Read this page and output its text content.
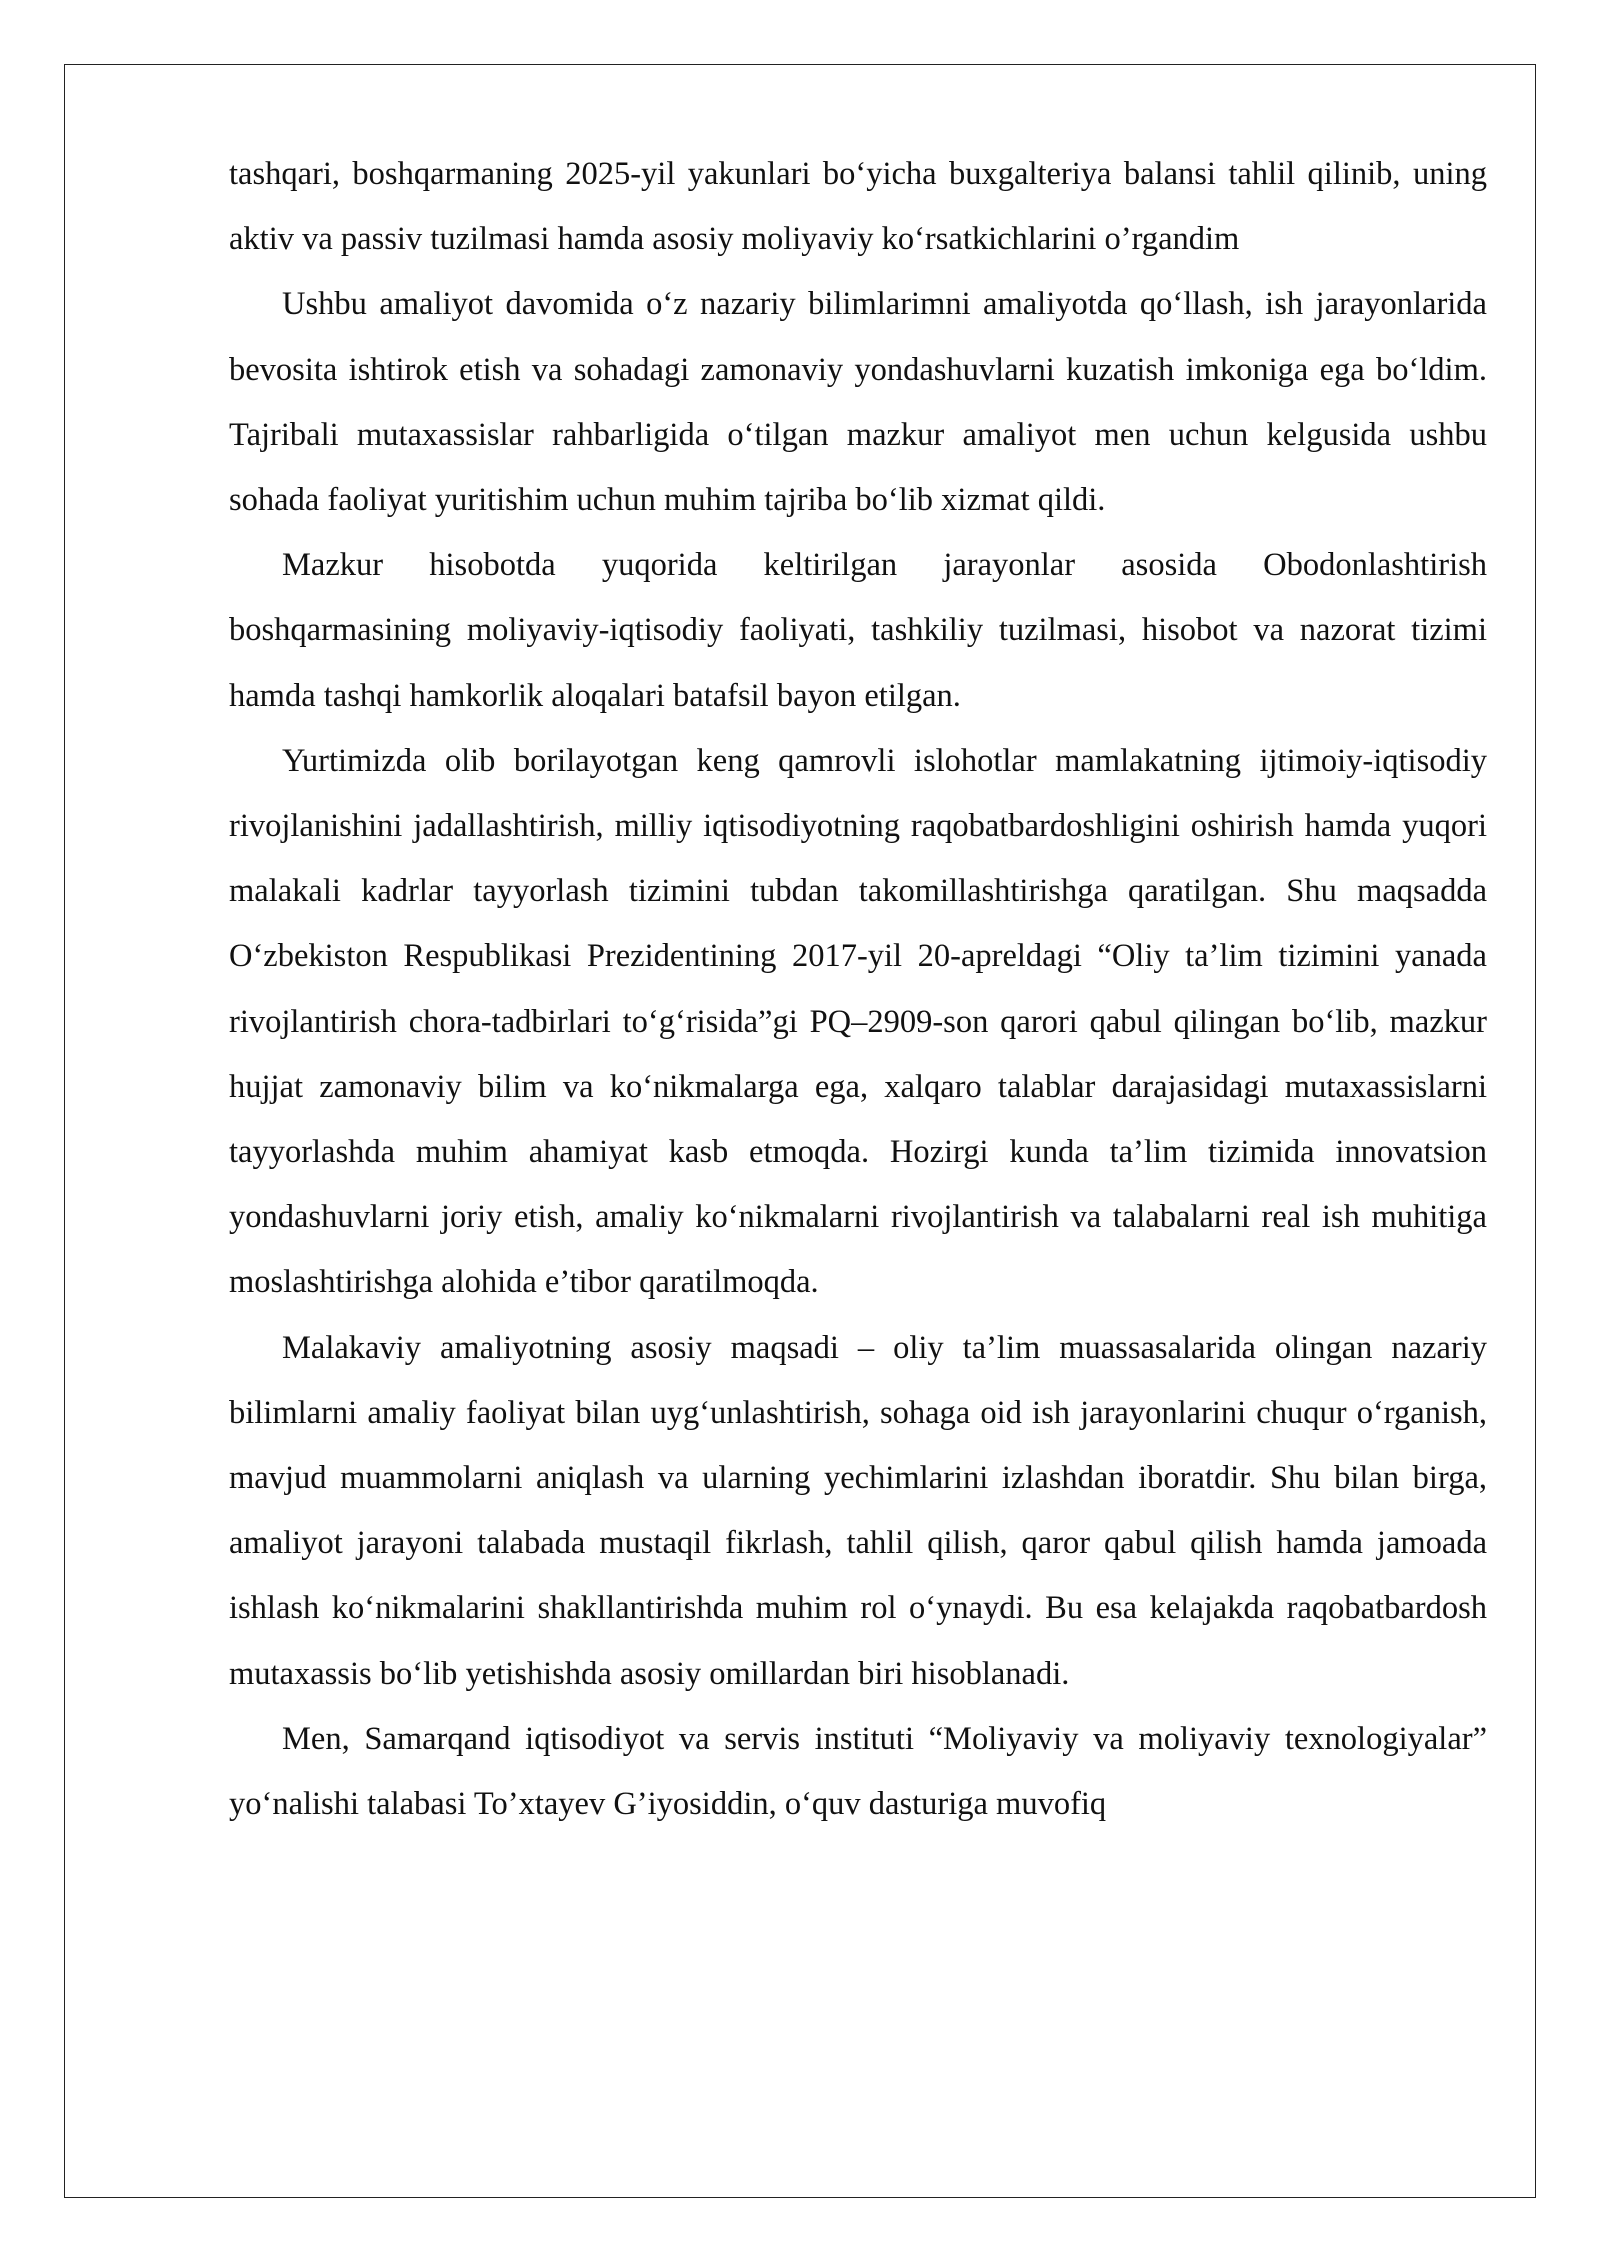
tashqari, boshqarmaning 2025-yil yakunlari bo‘yicha buxgalteriya balansi tahlil qilinib, uning aktiv va passiv tuzilmasi hamda asosiy moliyaviy ko‘rsatkichlarini o’rgandim

Ushbu amaliyot davomida o‘z nazariy bilimlarimni amaliyotda qo‘llash, ish jarayonlarida bevosita ishtirok etish va sohadagi zamonaviy yondashuvlarni kuzatish imkoniga ega bo‘ldim. Tajribali mutaxassislar rahbarligida o‘tilgan mazkur amaliyot men uchun kelgusida ushbu sohada faoliyat yuritishim uchun muhim tajriba bo‘lib xizmat qildi.

Mazkur hisobotda yuqorida keltirilgan jarayonlar asosida Obodonlashtirish boshqarmasining moliyaviy-iqtisodiy faoliyati, tashkiliy tuzilmasi, hisobot va nazorat tizimi hamda tashqi hamkorlik aloqalari batafsil bayon etilgan.

Yurtimizda olib borilayotgan keng qamrovli islohotlar mamlakatning ijtimoiy-iqtisodiy rivojlanishini jadallashtirish, milliy iqtisodiyotning raqobatbardoshligini oshirish hamda yuqori malakali kadrlar tayyorlash tizimini tubdan takomillashtirishga qaratilgan. Shu maqsadda O‘zbekiston Respublikasi Prezidentining 2017-yil 20-apreldagi “Oliy ta’lim tizimini yanada rivojlantirish chora-tadbirlari to‘g‘risida”gi PQ–2909-son qarori qabul qilingan bo‘lib, mazkur hujjat zamonaviy bilim va ko‘nikmalarga ega, xalqaro talablar darajasidagi mutaxassislarni tayyorlashda muhim ahamiyat kasb etmoqda. Hozirgi kunda ta’lim tizimida innovatsion yondashuvlarni joriy etish, amaliy ko‘nikmalarni rivojlantirish va talabalarni real ish muhitiga moslashtirishga alohida e’tibor qaratilmoqda.

Malakaviy amaliyotning asosiy maqsadi – oliy ta’lim muassasalarida olingan nazariy bilimlarni amaliy faoliyat bilan uyg‘unlashtirish, sohaga oid ish jarayonlarini chuqur o‘rganish, mavjud muammolarni aniqlash va ularning yechimlarini izlashdan iboratdir. Shu bilan birga, amaliyot jarayoni talabada mustaqil fikrlash, tahlil qilish, qaror qabul qilish hamda jamoada ishlash ko‘nikmalarini shakllantirishda muhim rol o‘ynaydi. Bu esa kelajakda raqobatbardosh mutaxassis bo‘lib yetishishda asosiy omillardan biri hisoblanadi.

Men, Samarqand iqtisodiyot va servis instituti “Moliyaviy va moliyaviy texnologiyalar” yo‘nalishi talabasi To’xtayev G’iyosiddin, o‘quv dasturiga muvofiq
